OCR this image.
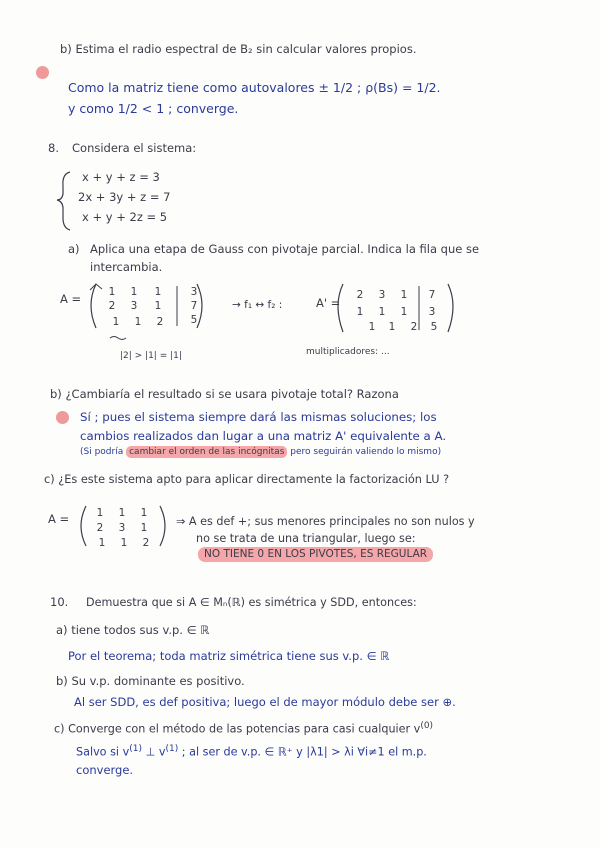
b) Estima el radio espectral de B₂ sin calcular valores propios.
Como la matriz tiene como autovalores ± 1/2 ; ρ(Bs) = 1/2.
y como 1/2 < 1 ; converge.
8. Considera el sistema:
x + y + z = 3
2x + 3y + z = 7
x + y + 2z = 5
a) Aplica una etapa de Gauss con pivotaje parcial. Indica la fila que se
intercambia.
A =	1	1	1	3
2	3	1	7
1	1	2	5
→ f₁ ↔ f₂ :	A' =
2	3	1	7
1	1	1	3
1	1	2	5
|2| > |1| = |1|	multiplicadores: ...
b) ¿Cambiaría el resultado si se usara pivotaje total? Razona
Sí ; pues el sistema siempre dará las mismas soluciones; los
cambios realizados dan lugar a una matriz A' equivalente a A.
(Si podría cambiar el orden de las incógnitas pero seguirán valiendo lo mismo)
c) ¿Es este sistema apto para aplicar directamente la factorización LU ?
A =	1	1	1
2	3	1
1	1	2
⇒ A es def +; sus menores principales no son nulos y
no se trata de una triangular, luego se:
NO TIENE 0 EN LOS PIVOTES, ES REGULAR
10. Demuestra que si A ∈ Mₙ(ℝ) es simétrica y SDD, entonces:
a) tiene todos sus v.p. ∈ ℝ
Por el teorema; toda matriz simétrica tiene sus v.p. ∈ ℝ
b) Su v.p. dominante es positivo.
Al ser SDD, es def positiva; luego el de mayor módulo debe ser ⊕.
c) Converge con el método de las potencias para casi cualquier $v^{(0)}$
Salvo si $v^{(1)}$ ⊥ $v^{(1)}$ ; al ser de v.p. ∈ ℝ⁺ y |λ1| > λi ∀i≠1 el m.p.
converge.
